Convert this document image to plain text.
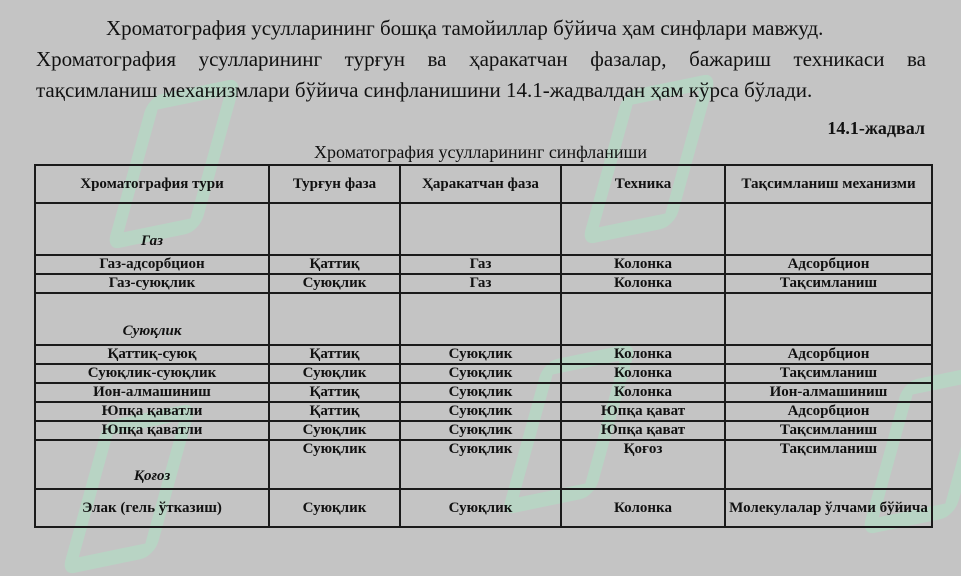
Хроматография усулларининг бошқа тамойиллар бўйича ҳам синфлари мавжуд.
Хроматография усулларининг турғун ва ҳаракатчан фазалар, бажариш техникаси ва
тақсимланиш механизмлари бўйича синфланишини 14.1-жадвалдан ҳам кўрса бўлади.
14.1-жадвал
Хроматография усулларининг синфланиши
Хроматография тури	Турғун фаза	Ҳаракатчан фаза	Техника	Тақсимланиш механизми
Газ				
Газ-адсорбцион	Қаттиқ	Газ	Колонка	Адсорбцион
Газ-суюқлик	Суюқлик	Газ	Колонка	Тақсимланиш
Суюқлик				
Қаттиқ-суюқ	Қаттиқ	Суюқлик	Колонка	Адсорбцион
Суюқлик-суюқлик	Суюқлик	Суюқлик	Колонка	Тақсимланиш
Ион-алмашиниш	Қаттиқ	Суюқлик	Колонка	Ион-алмашиниш
Юпқа қаватли	Қаттиқ	Суюқлик	Юпқа қават	Адсорбцион
Юпқа қаватли	Суюқлик	Суюқлик	Юпқа қават	Тақсимланиш
Қоғоз	Суюқлик	Суюқлик	Қоғоз	Тақсимланиш
Элак (гель ўтказиш)	Суюқлик	Суюқлик	Колонка	Молекулалар ўлчами бўйича
